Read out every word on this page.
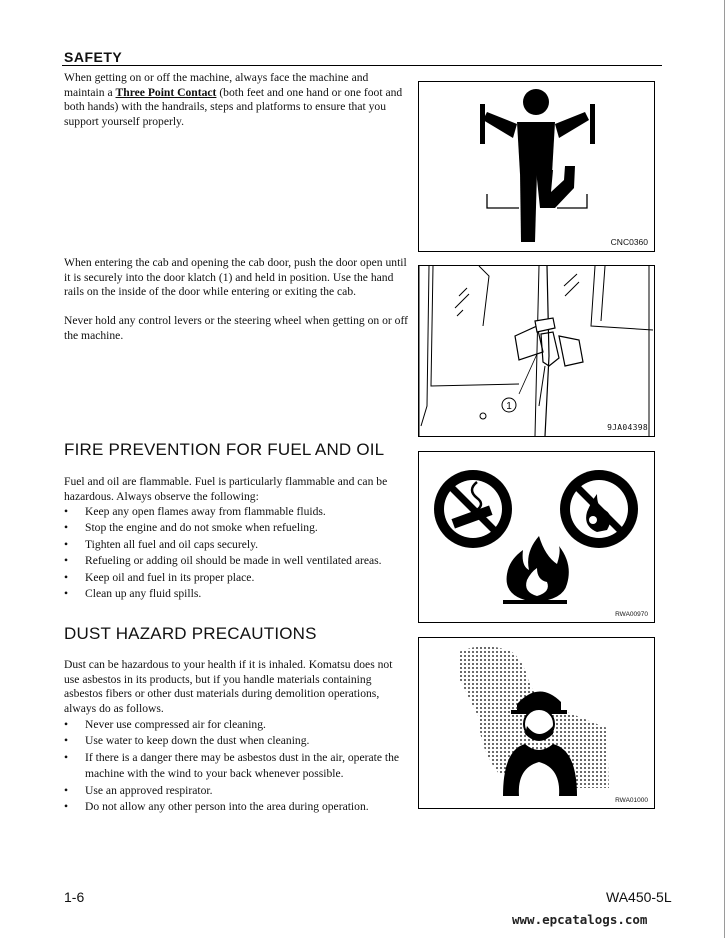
SAFETY

When getting on or off the machine, always face the machine and maintain a Three Point Contact (both feet and one hand or one foot and both hands) with the handrails, steps and platforms to ensure that you support yourself properly.

When entering the cab and opening the cab door, push the door open until it is securely into the door klatch (1) and held in position. Use the hand rails on the inside of the door while entering or exiting the cab.

Never hold any control levers or the steering wheel when getting on or off the machine.

CNC0360
1
9JA04398
FIRE PREVENTION FOR FUEL AND OIL

Fuel and oil are flammable. Fuel is particularly flammable and can be hazardous. Always observe the following:

• Keep any open flames away from flammable fluids.
• Stop the engine and do not smoke when refueling.
• Tighten all fuel and oil caps securely.
• Refueling or adding oil should be made in well ventilated areas.
• Keep oil and fuel in its proper place.
• Clean up any fluid spills.
RWA00970
DUST HAZARD PRECAUTIONS

Dust can be hazardous to your health if it is inhaled. Komatsu does not use asbestos in its products, but if you handle materials containing asbestos fibers or other dust materials during demolition operations, always do as follows.

• Never use compressed air for cleaning.
• Use water to keep down the dust when cleaning.
• If there is a danger there may be asbestos dust in the air, operate the machine with the wind to your back whenever possible.
• Use an approved respirator.
• Do not allow any other person into the area during operation.	RWA01000
1-6	WA450-5L
www.epcatalogs.com
